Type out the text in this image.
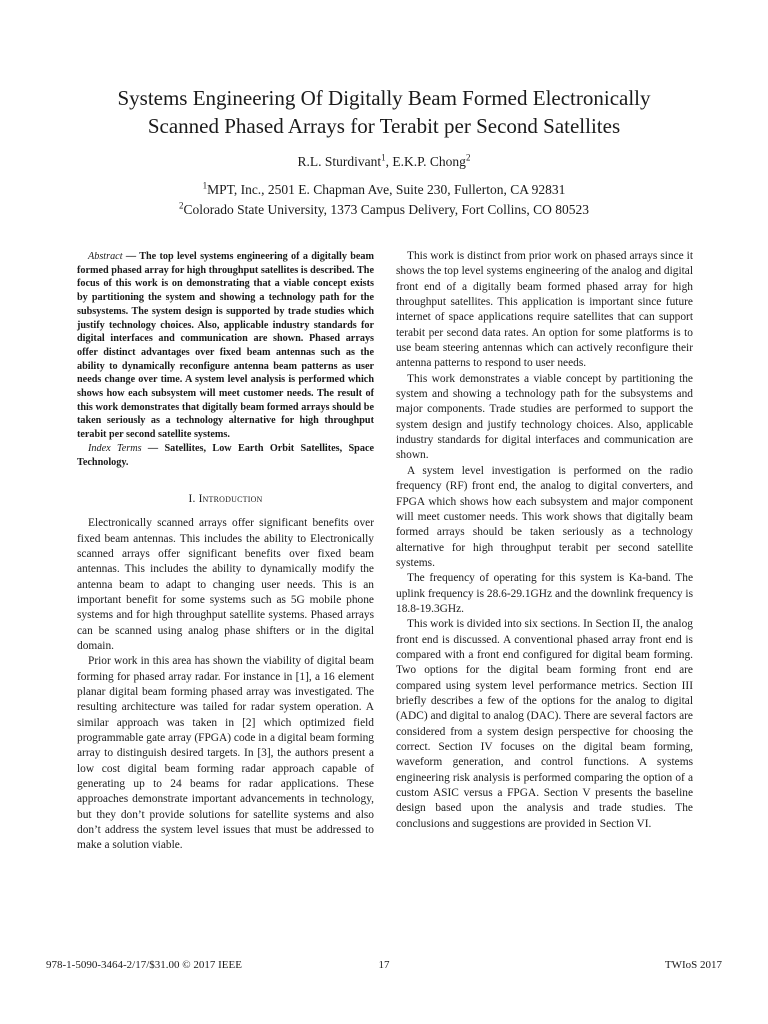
Systems Engineering Of Digitally Beam Formed Electronically
Scanned Phased Arrays for Terabit per Second Satellites
R.L. Sturdivant$^1$, E.K.P. Chong$^2$
$^1$MPT, Inc., 2501 E. Chapman Ave, Suite 230, Fullerton, CA 92831
$^2$Colorado State University, 1373 Campus Delivery, Fort Collins, CO 80523

Abstract — The top level systems engineering of a digitally beam formed phased array for high throughput satellites is described. The focus of this work is on demonstrating that a viable concept exists by partitioning the system and showing a technology path for the subsystems. The system design is supported by trade studies which justify technology choices. Also, applicable industry standards for digital interfaces and communication are shown. Phased arrays offer distinct advantages over fixed beam antennas such as the ability to dynamically reconfigure antenna beam patterns as user needs change over time. A system level analysis is performed which shows how each subsystem will meet customer needs. The result of this work demonstrates that digitally beam formed arrays should be taken seriously as a technology alternative for high throughput terabit per second satellite systems.

Index Terms — Satellites, Low Earth Orbit Satellites, Space Technology.

I. Introduction

Electronically scanned arrays offer significant benefits over fixed beam antennas. This includes the ability to Electronically scanned arrays offer significant benefits over fixed beam antennas. This includes the ability to dynamically modify the antenna beam to adapt to changing user needs. This is an important benefit for some systems such as 5G mobile phone systems and for high throughput satellite systems. Phased arrays can be scanned using analog phase shifters or in the digital domain.

Prior work in this area has shown the viability of digital beam forming for phased array radar. For instance in [1], a 16 element planar digital beam forming phased array was investigated. The resulting architecture was tailed for radar system operation. A similar approach was taken in [2] which optimized field programmable gate array (FPGA) code in a digital beam forming array to distinguish desired targets. In [3], the authors present a low cost digital beam forming radar approach capable of generating up to 24 beams for radar applications. These approaches demonstrate important advancements in technology, but they don’t provide solutions for satellite systems and also don’t address the system level issues that must be addressed to make a solution viable.

This work is distinct from prior work on phased arrays since it shows the top level systems engineering of the analog and digital front end of a digitally beam formed phased array for high throughput satellites. This application is important since future internet of space applications require satellites that can support terabit per second data rates. An option for some platforms is to use beam steering antennas which can actively reconfigure their antenna patterns to respond to user needs.

This work demonstrates a viable concept by partitioning the system and showing a technology path for the subsystems and major components. Trade studies are performed to support the system design and justify technology choices. Also, applicable industry standards for digital interfaces and communication are shown.

A system level investigation is performed on the radio frequency (RF) front end, the analog to digital converters, and FPGA which shows how each subsystem and major component will meet customer needs. This work shows that digitally beam formed arrays should be taken seriously as a technology alternative for high throughput terabit per second satellite systems.

The frequency of operating for this system is Ka-band. The uplink frequency is 28.6-29.1GHz and the downlink frequency is 18.8-19.3GHz.

This work is divided into six sections. In Section II, the analog front end is discussed. A conventional phased array front end is compared with a front end configured for digital beam forming. Two options for the digital beam forming front end are compared using system level performance metrics. Section III briefly describes a few of the options for the analog to digital (ADC) and digital to analog (DAC). There are several factors are considered from a system design perspective for choosing the correct. Section IV focuses on the digital beam forming, waveform generation, and control functions. A systems engineering risk analysis is performed comparing the option of a custom ASIC versus a FPGA. Section V presents the baseline design based upon the analysis and trade studies. The conclusions and suggestions are provided in Section VI.

17
978-1-5090-3464-2/17/$31.00 © 2017 IEEE	TWIoS 2017
